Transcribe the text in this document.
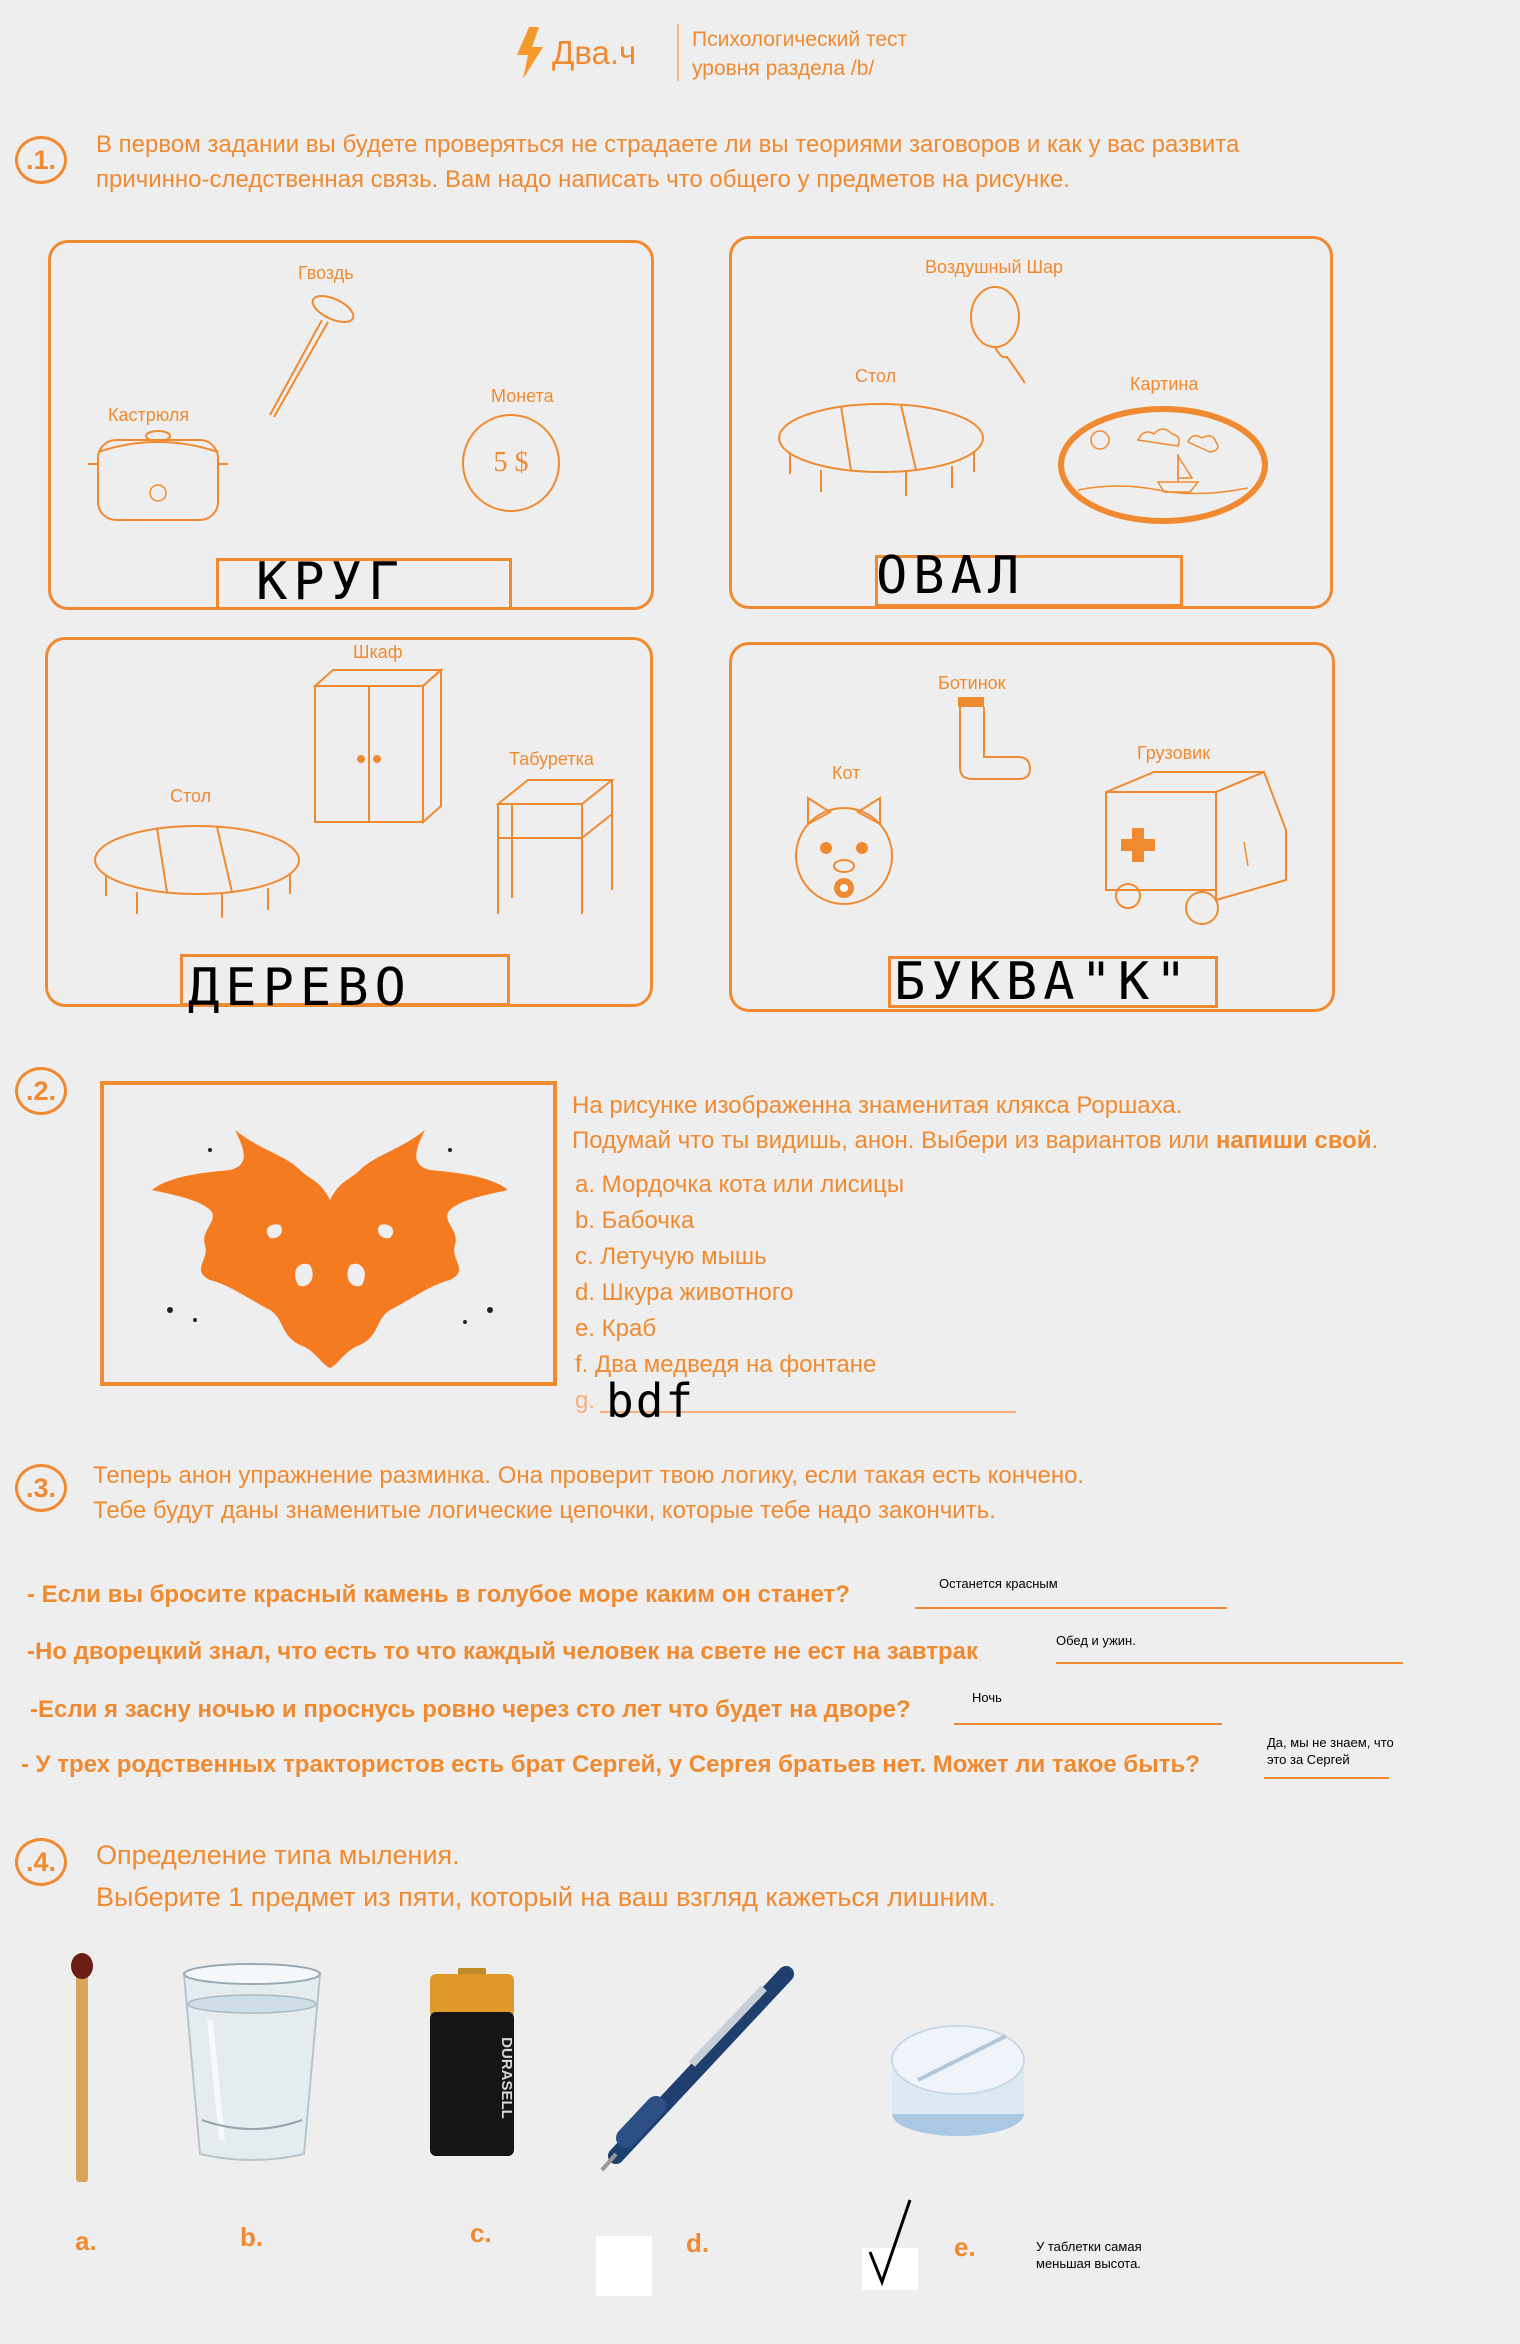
Два.ч	Психологический тест
уровня раздела /b/
.1.
В первом задании вы будете проверяться не страдаете ли вы теориями заговоров и как у вас развита
причинно-следственная связь. Вам надо написать что общего у предметов на рисунке.
Гвоздь
Кастрюля
Монета
5 $
КРУГ
Воздушный Шар
Стол	Картина
ОВАЛ
Шкаф
Стол
Табуретка
ДЕРЕВО
Ботинок
Кот
Грузовик
БУКВА"К"
.2.	На рисунке изображенна знаменитая клякса Роршаха.
Подумай что ты видишь, анон. Выбери из вариантов или напиши свой.
a. Мордочка кота или лисицы
b. Бабочка
c. Летучую мышь
d. Шкура животного
e. Краб
f. Два медведя на фонтане
g. bdf
.3.	Теперь анон упражнение разминка. Она проверит твою логику, если такая есть кончено.
Тебе будут даны знаменитые логические цепочки, которые тебе надо закончить.
- Если вы бросите красный камень в голубое море каким он станет?	Останется красным
-Но дворецкий знал, что есть то что каждый человек на свете не ест на завтрак	Обед и ужин.
-Если я засну ночью и проснусь ровно через сто лет что будет на дворе?	Ночь
- У трех родственных трактористов есть брат Сергей, у Сергея братьев нет. Может ли такое быть?
Да, мы не знаем, что
это за Сергей
.4.	Определение типа мыления.
Выберите 1 предмет из пяти, который на ваш взгляд кажеться лишним.
a.	b.
DURASELL
c.	d.	e.	У таблетки самая
меньшая высота.
